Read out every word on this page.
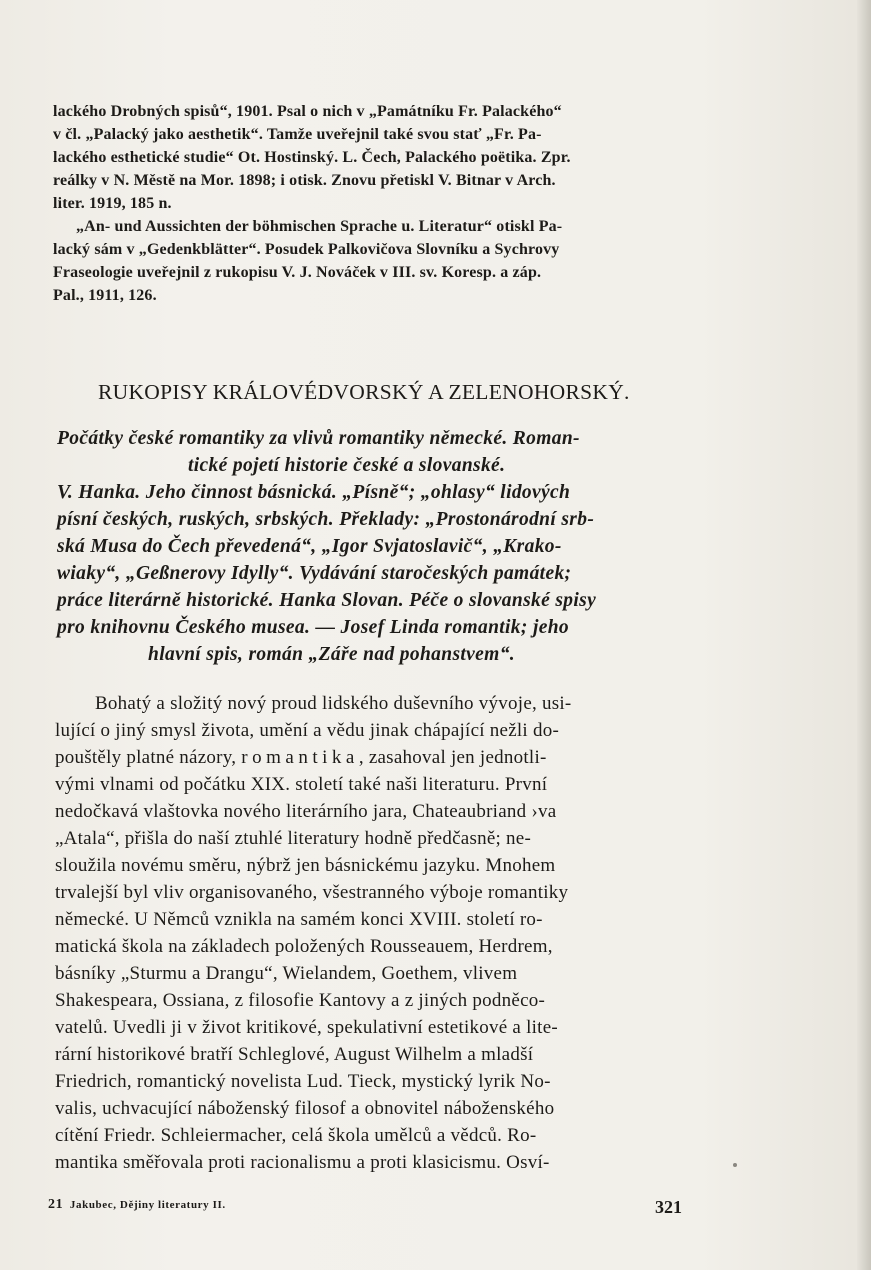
lackého Drobných spisů“, 1901. Psal o nich v „Památníku Fr. Palackého“
v čl. „Palacký jako aesthetik“. Tamže uveřejnil také svou stať „Fr. Pa-
lackého esthetické studie“ Ot. Hostinský. L. Čech, Palackého poëtika. Zpr.
reálky v N. Městě na Mor. 1898; i otisk. Znovu přetiskl V. Bitnar v Arch.
liter. 1919, 185 n.
„An- und Aussichten der böhmischen Sprache u. Literatur“ otiskl Pa-
lacký sám v „Gedenkblätter“. Posudek Palkovičova Slovníku a Sychrovy
Fraseologie uveřejnil z rukopisu V. J. Nováček v III. sv. Koresp. a záp.
Pal., 1911, 126.
RUKOPISY KRÁLOVÉDVORSKÝ A ZELENOHORSKÝ.
Počátky české romantiky za vlivů romantiky německé. Roman-
tické pojetí historie české a slovanské.
V. Hanka. Jeho činnost básnická. „Písně“; „ohlasy“ lidových
písní českých, ruských, srbských. Překlady: „Prostonárodní srb-
ská Musa do Čech převedená“, „Igor Svjatoslavič“, „Krako-
wiaky“, „Geßnerovy Idylly“. Vydávání staročeských památek;
práce literárně historické. Hanka Slovan. Péče o slovanské spisy
pro knihovnu Českého musea. — Josef Linda romantik; jeho
hlavní spis, román „Záře nad pohanstvem“.
Bohatý a složitý nový proud lidského duševního vývoje, usi-
lující o jiný smysl života, umění a vědu jinak chápající nežli do-
pouštěly platné názory, romantika, zasahoval jen jednotli-
vými vlnami od počátku XIX. století také naši literaturu. První
nedočkavá vlaštovka nového literárního jara, Chateaubriand ›va
„Atala“, přišla do naší ztuhlé literatury hodně předčasně; ne-
sloužila novému směru, nýbrž jen básnickému jazyku. Mnohem
trvalejší byl vliv organisovaného, všestranného výboje romantiky
německé. U Němců vznikla na samém konci XVIII. století ro-
matická škola na základech položených Rousseauem, Herdrem,
básníky „Sturmu a Drangu“, Wielandem, Goethem, vlivem
Shakespeara, Ossiana, z filosofie Kantovy a z jiných podněco-
vatelů. Uvedli ji v život kritikové, spekulativní estetikové a lite-
rární historikové bratří Schleglové, August Wilhelm a mladší
Friedrich, romantický novelista Lud. Tieck, mystický lyrik No-
valis, uchvacující náboženský filosof a obnovitel náboženského
cítění Friedr. Schleiermacher, celá škola umělců a vědců. Ro-
mantika směřovala proti racionalismu a proti klasicismu. Osví-
21 Jakubec, Dějiny literatury II.	321
